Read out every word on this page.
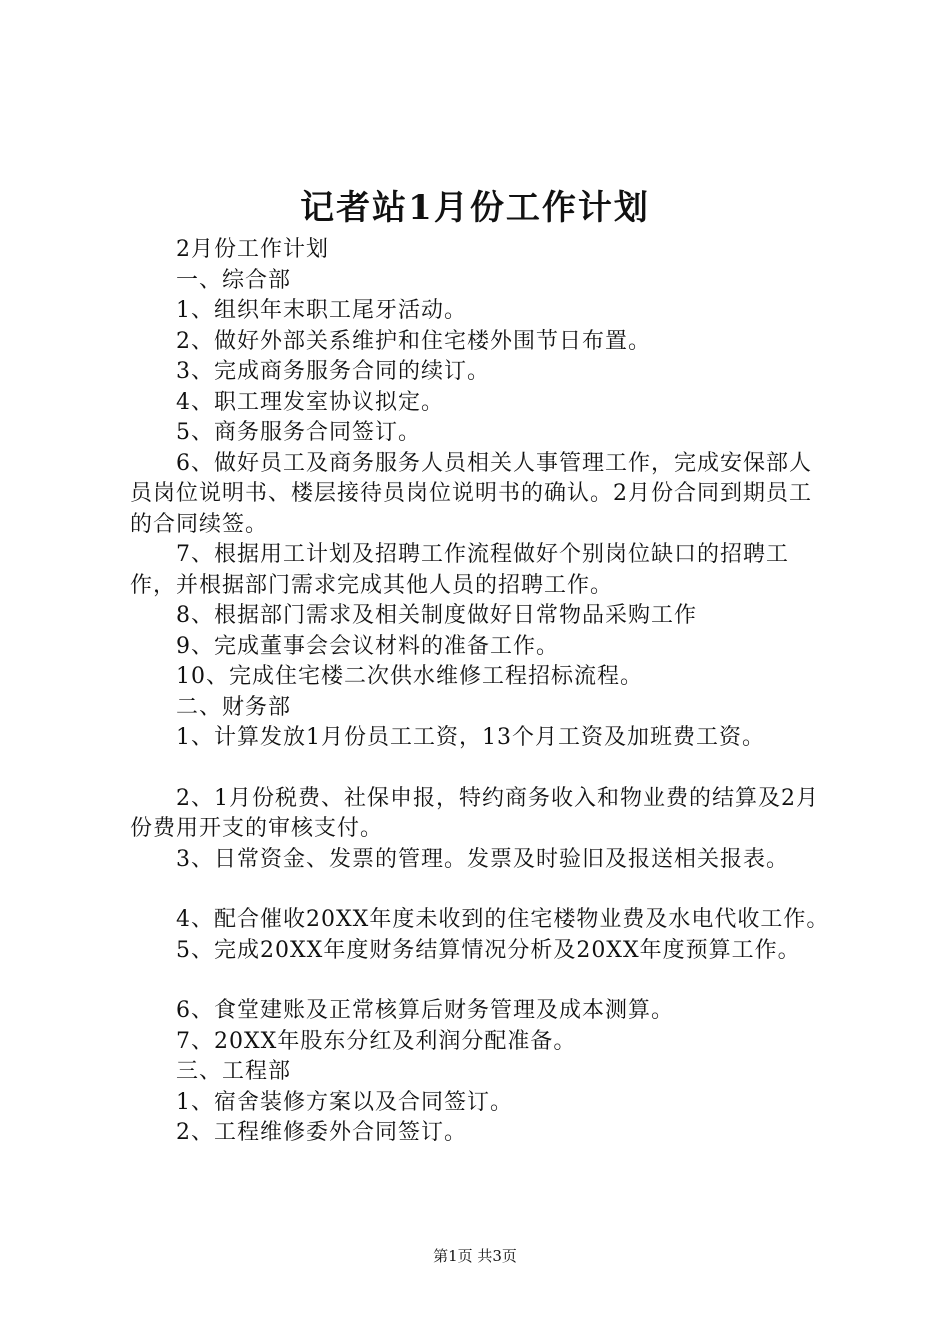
记者站1月份工作计划

2月份工作计划

一、综合部

1、组织年末职工尾牙活动。

2、做好外部关系维护和住宅楼外围节日布置。

3、完成商务服务合同的续订。

4、职工理发室协议拟定。

5、商务服务合同签订。

6、做好员工及商务服务人员相关人事管理工作，完成安保部人员岗位说明书、楼层接待员岗位说明书的确认。2月份合同到期员工的合同续签。

7、根据用工计划及招聘工作流程做好个别岗位缺口的招聘工作，并根据部门需求完成其他人员的招聘工作。

8、根据部门需求及相关制度做好日常物品采购工作

9、完成董事会会议材料的准备工作。

10、完成住宅楼二次供水维修工程招标流程。

二、财务部

1、计算发放1月份员工工资，13个月工资及加班费工资。

2、1月份税费、社保申报，特约商务收入和物业费的结算及2月份费用开支的审核支付。

3、日常资金、发票的管理。发票及时验旧及报送相关报表。

4、配合催收20XX年度未收到的住宅楼物业费及水电代收工作。

5、完成20XX年度财务结算情况分析及20XX年度预算工作。

6、食堂建账及正常核算后财务管理及成本测算。

7、20XX年股东分红及利润分配准备。

三、工程部

1、宿舍装修方案以及合同签订。

2、工程维修委外合同签订。

第1页 共3页
